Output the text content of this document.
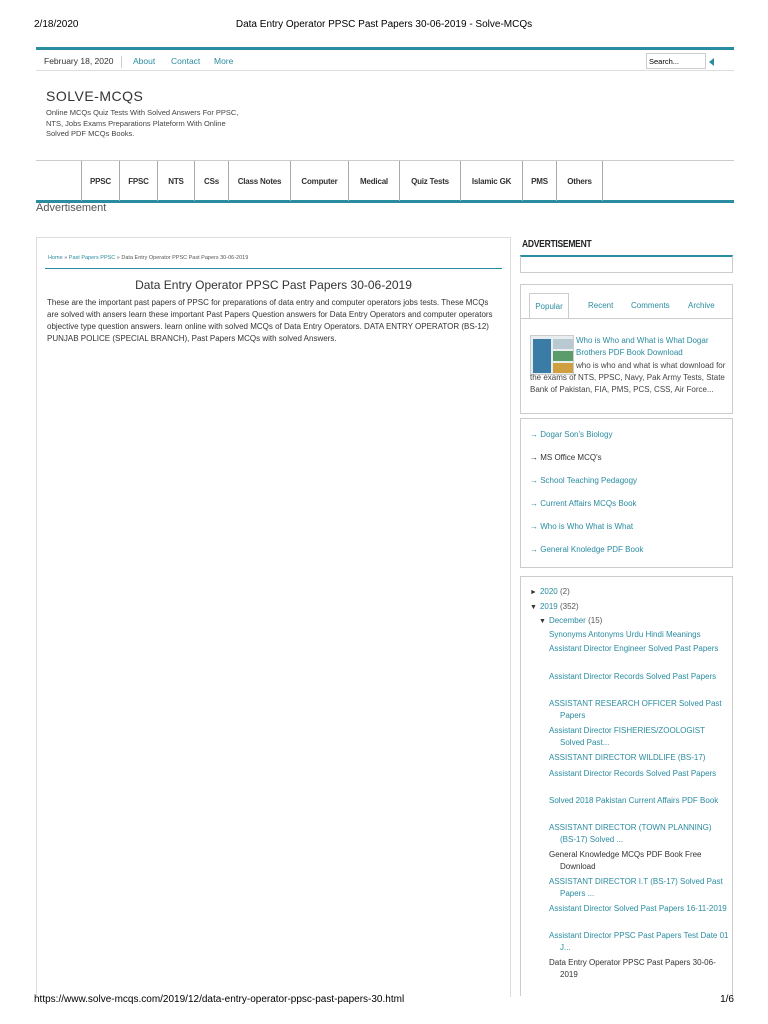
2/18/2020	Data Entry Operator PPSC Past Papers 30-06-2019 - Solve-MCQs
February 18, 2020	About Contact More
Search...
SOLVE-MCQS
Online MCQs Quiz Tests With Solved Answers For PPSC, NTS, Jobs Exams Preparations Plateform With Online Solved PDF MCQs Books.
PPSC	FPSC	NTS	CSs	Class Notes	Computer	Medical	Quiz Tests	Islamic GK	PMS	Others
Advertisement
Home » Past Papers PPSC » Data Entry Operator PPSC Past Papers 30-06-2019
Data Entry Operator PPSC Past Papers 30-06-2019

These are the important past papers of PPSC for preparations of data entry and computer operators jobs tests. These MCQs are solved with ansers learn these important Past Papers Question answers for Data Entry Operators and computer operators objective type question answers. learn online with solved MCQs of Data Entry Operators. DATA ENTRY OPERATOR (BS-12) PUNJAB POLICE (SPECIAL BRANCH), Past Papers MCQs with solved Answers.

ADVERTISEMENT
Popular	Recent Comments Archive
Who is Who and What is What Dogar Brothers PDF Book Download

who is who and what is what download for the exams of NTS, PPSC, Navy, Pak Army Tests, State Bank of Pakistan, FIA, PMS, PCS, CSS, Air Force...

→ Dogar Son's Biology
→ MS Office MCQ's
→ School Teaching Pedagogy
→ Current Affairs MCQs Book
→ Who is Who What is What
→ General Knoledge PDF Book
► 2020 (2)
▼ 2019 (352)
▼ December (15)
Synonyms Antonyms Urdu Hindi Meanings
Assistant Director Engineer Solved Past Papers
Assistant Director Records Solved Past Papers
ASSISTANT RESEARCH OFFICER Solved Past Papers
Assistant Director FISHERIES/ZOOLOGIST Solved Past...
ASSISTANT DIRECTOR WILDLIFE (BS-17)
Assistant Director Records Solved Past Papers
Solved 2018 Pakistan Current Affairs PDF Book
ASSISTANT DIRECTOR (TOWN PLANNING) (BS-17) Solved ...
General Knowledge MCQs PDF Book Free Download
ASSISTANT DIRECTOR I.T (BS-17) Solved Past Papers ...
Assistant Director Solved Past Papers 16-11-2019
Assistant Director PPSC Past Papers Test Date 01 J...
Data Entry Operator PPSC Past Papers 30-06-2019
https://www.solve-mcqs.com/2019/12/data-entry-operator-ppsc-past-papers-30.html	1/6
